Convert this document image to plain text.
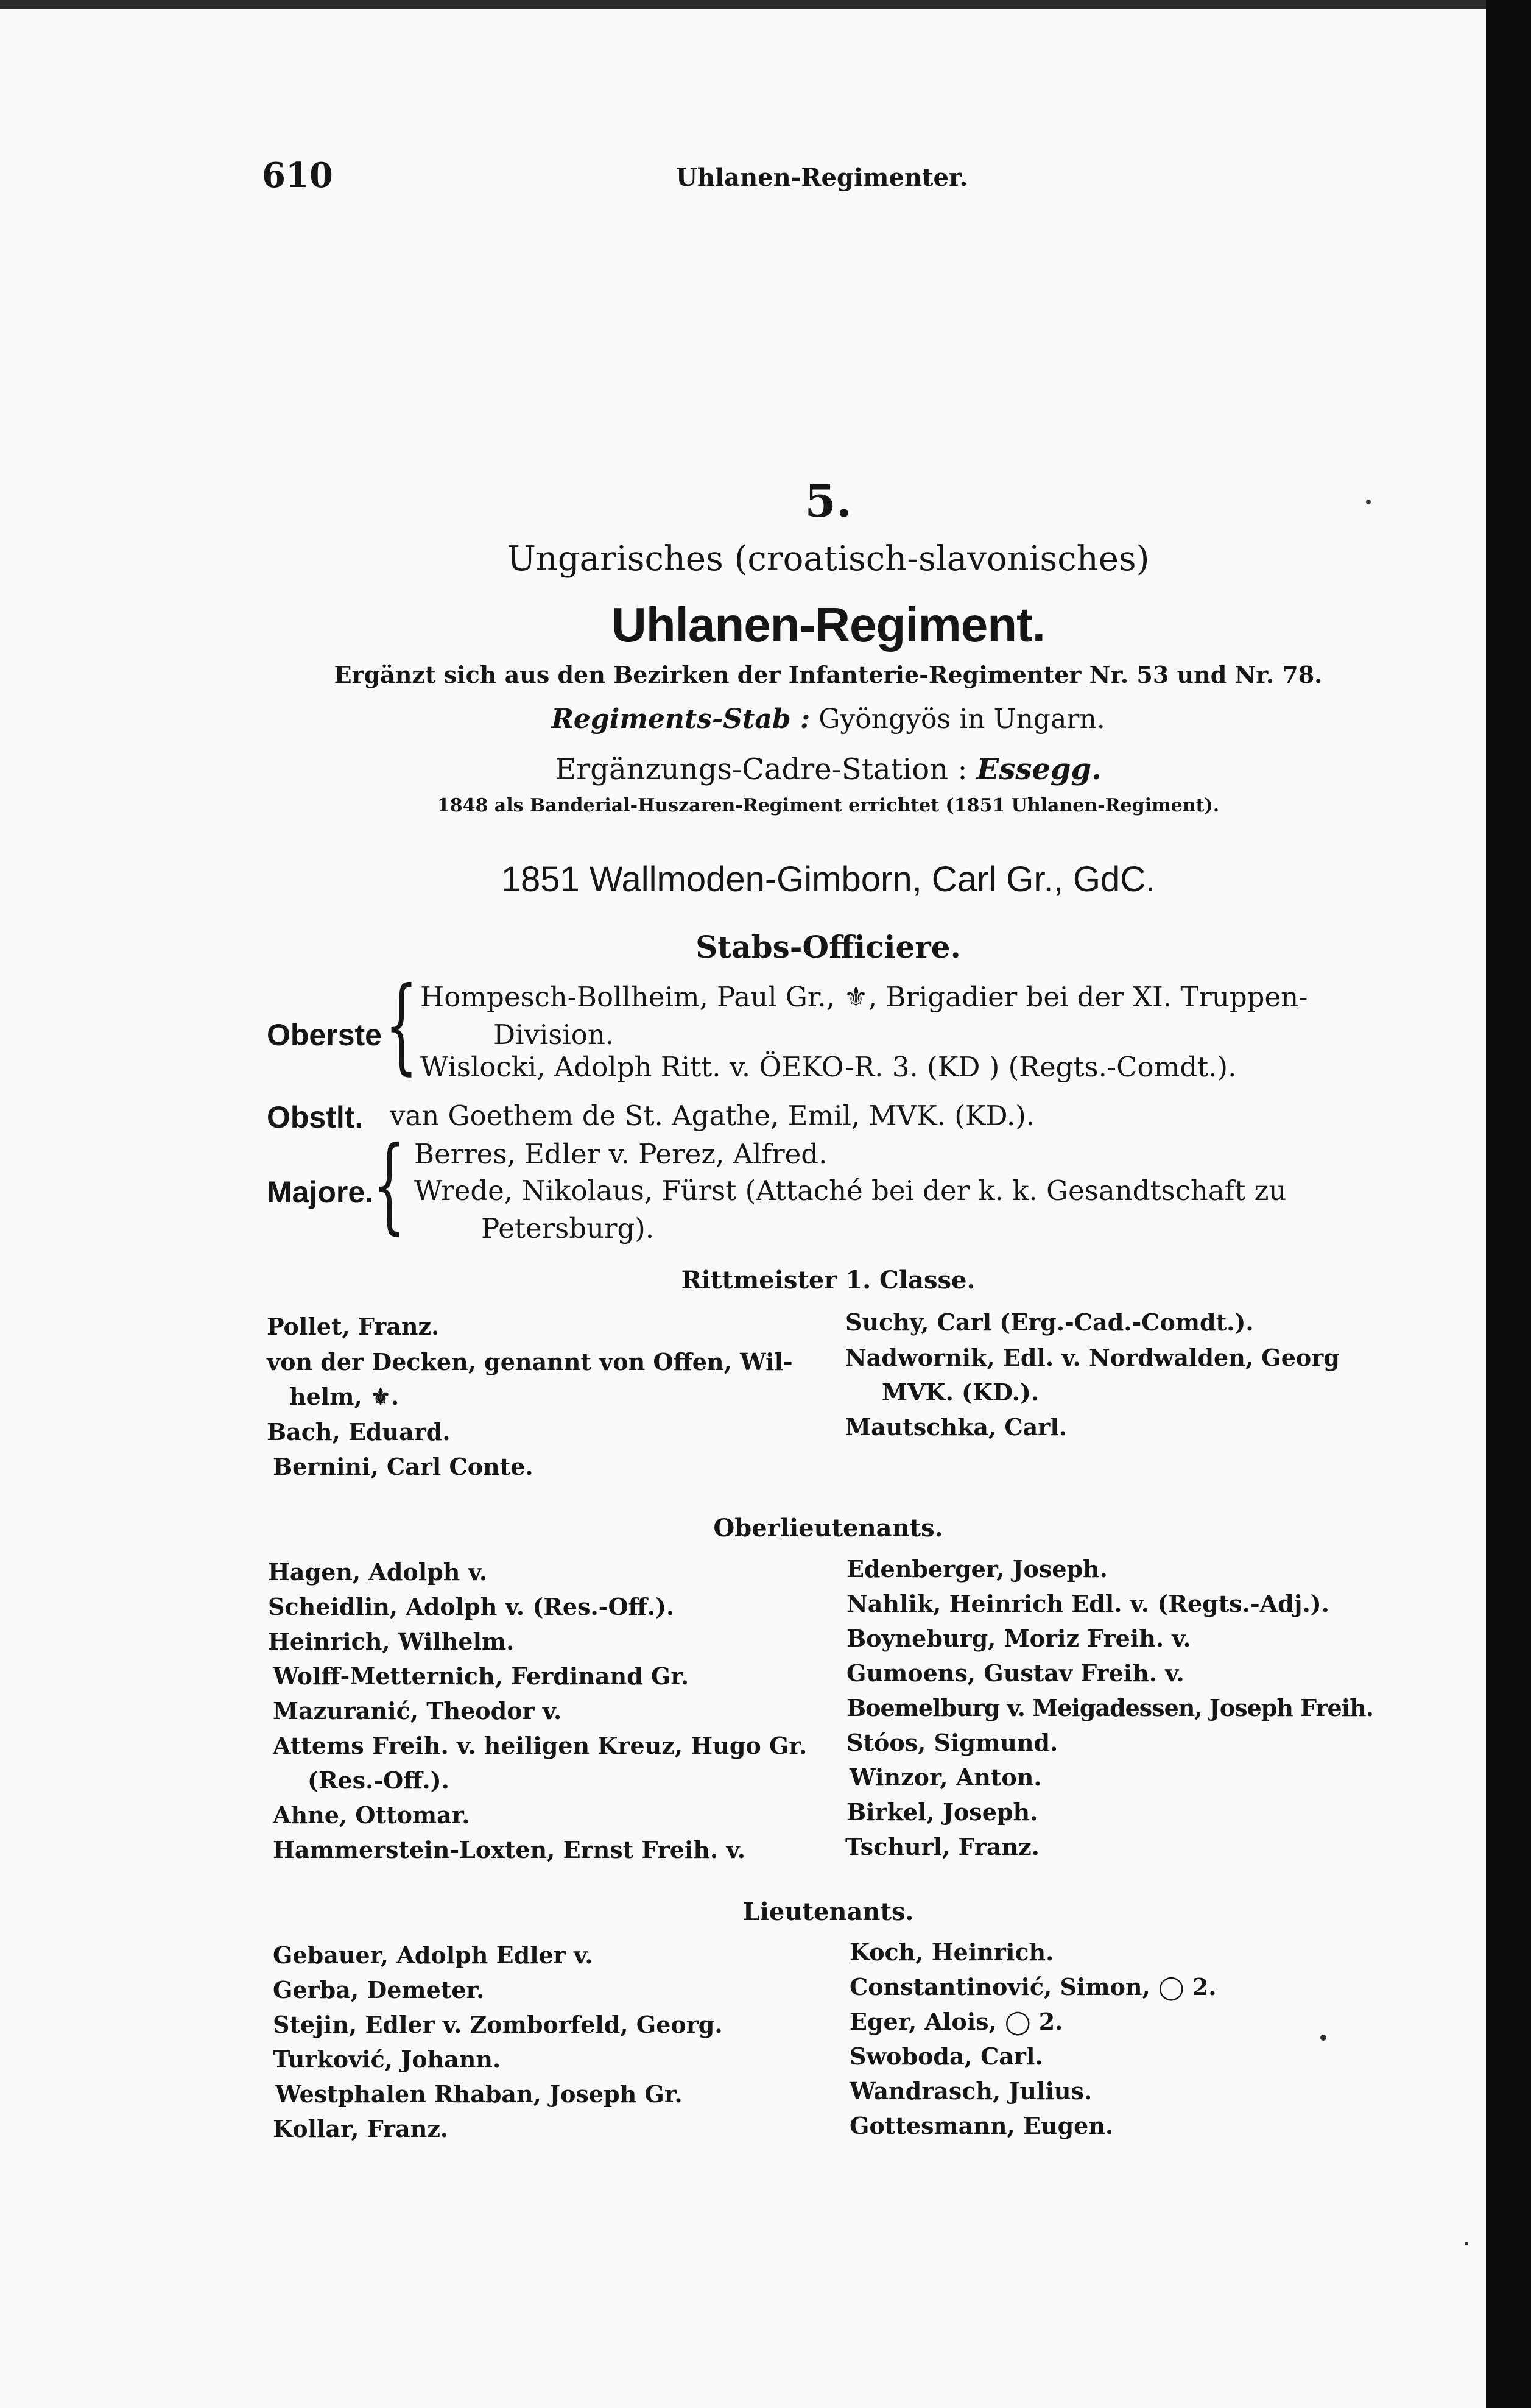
610	Uhlanen-Regimenter.
5.
Ungarisches (croatisch-slavonisches)
Uhlanen-Regiment.
Ergänzt sich aus den Bezirken der Infanterie-Regimenter Nr. 53 und Nr. 78.
Regiments-Stab : Gyöngyös in Ungarn.
Ergänzungs-Cadre-Station : Essegg.
1848 als Banderial-Huszaren-Regiment errichtet (1851 Uhlanen-Regiment).
1851 Wallmoden-Gimborn, Carl Gr., GdC.
Stabs-Officiere.
Oberste { Hompesch-Bollheim, Paul Gr., ⚜, Brigadier bei der XI. Truppen-
Division.
Wislocki, Adolph Ritt. v. ÖEKO-R. 3. (KD ) (Regts.-Comdt.).
Obstlt. van Goethem de St. Agathe, Emil, MVK. (KD.).
Majore.
{ Berres, Edler v. Perez, Alfred.
Wrede, Nikolaus, Fürst (Attaché bei der k. k. Gesandtschaft zu
Petersburg).
Rittmeister 1. Classe.
Pollet, Franz.
von der Decken, genannt von Offen, Wil-
helm, ⚜.
Bach, Eduard.
Bernini, Carl Conte.
Suchy, Carl (Erg.-Cad.-Comdt.).
Nadwornik, Edl. v. Nordwalden, Georg
MVK. (KD.).
Mautschka, Carl.
Oberlieutenants.
Hagen, Adolph v.
Scheidlin, Adolph v. (Res.-Off.).
Heinrich, Wilhelm.
Wolff-Metternich, Ferdinand Gr.
Mazuranić, Theodor v.
Attems Freih. v. heiligen Kreuz, Hugo Gr.
(Res.-Off.).
Ahne, Ottomar.
Hammerstein-Loxten, Ernst Freih. v.
Edenberger, Joseph.
Nahlik, Heinrich Edl. v. (Regts.-Adj.).
Boyneburg, Moriz Freih. v.
Gumoens, Gustav Freih. v.
Boemelburg v. Meigadessen, Joseph Freih.
Stóos, Sigmund.
Winzor, Anton.
Birkel, Joseph.
Tschurl, Franz.
Lieutenants.
Gebauer, Adolph Edler v.
Gerba, Demeter.
Stejin, Edler v. Zomborfeld, Georg.
Turković, Johann.
Westphalen Rhaban, Joseph Gr.
Kollar, Franz.
Koch, Heinrich.
Constantinović, Simon, ◯ 2.
Eger, Alois, ◯ 2.
Swoboda, Carl.
Wandrasch, Julius.
Gottesmann, Eugen.
